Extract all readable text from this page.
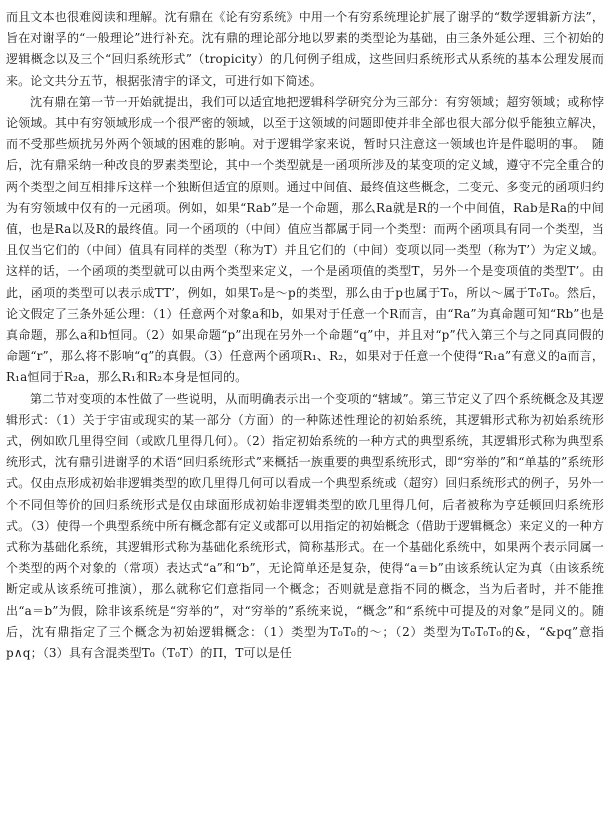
而且文本也很难阅读和理解。沈有鼎在《论有穷系统》中用一个有穷系统理论扩展了谢孚的“数学逻辑新方法”，旨在对谢孚的“一般理论”进行补充。沈有鼎的理论部分地以罗素的类型论为基础，由三条外延公理、三个初始的逻辑概念以及三个“回归系统形式”（tropicity）的几何例子组成，这些回归系统形式从系统的基本公理发展而来。论文共分五节，根据张清宇的译文，可进行如下简述。

沈有鼎在第一节一开始就提出，我们可以适宜地把逻辑科学研究分为三部分：有穷领域；超穷领域；或称悖论领域。其中有穷领域形成一个很严密的领域，以至于这领域的问题即使并非全部也很大部分似乎能独立解决，而不受那些烦扰另外两个领域的困难的影响。对于逻辑学家来说，暂时只注意这一领域也许是件聪明的事。　随后，沈有鼎采纳一种改良的罗素类型论，其中一个类型就是一函项所涉及的某变项的定义域，遵守不完全重合的两个类型之间互相排斥这样一个独断但适宜的原则。通过中间值、最终值这些概念，二变元、多变元的函项归约为有穷领域中仅有的一元函项。例如，如果“Rab”是一个命题，那么Ra就是R的一个中间值，Rab是Ra的中间值，也是Ra以及R的最终值。同一个函项的（中间）值应当都属于同一个类型：而两个函项具有同一个类型，当且仅当它们的（中间）值具有同样的类型（称为T）并且它们的（中间）变项以同一类型（称为T’）为定义域。这样的话，一个函项的类型就可以由两个类型来定义，一个是函项值的类型T，另外一个是变项值的类型T’。由此，函项的类型可以表示成TT’，例如，如果T₀是～p的类型，那么由于p也属于T₀，所以～属于T₀T₀。然后，论文假定了三条外延公理：（1）任意两个对象a和b，如果对于任意一个R而言，由“Ra”为真命题可知“Rb”也是真命题，那么a和b恒同。（2）如果命题“p”出现在另外一个命题“q”中，并且对“p”代入第三个与之同真同假的命题“r”，那么将不影响“q”的真假。（3）任意两个函项R₁、R₂，如果对于任意一个使得“R₁a”有意义的a而言，R₁a恒同于R₂a，那么R₁和R₂本身是恒同的。

第二节对变项的本性做了一些说明，从而明确表示出一个变项的“辖域”。第三节定义了四个系统概念及其逻辑形式：（1）关于宇宙或现实的某一部分（方面）的一种陈述性理论的初始系统，其逻辑形式称为初始系统形式，例如欧几里得空间（或欧几里得几何）。（2）指定初始系统的一种方式的典型系统，其逻辑形式称为典型系统形式，沈有鼎引进谢孚的术语“回归系统形式”来概括一族重要的典型系统形式，即“穷举的”和“单基的”系统形式。仅由点形成初始非逻辑类型的欧几里得几何可以看成一个典型系统或（超穷）回归系统形式的例子，另外一个不同但等价的回归系统形式是仅由球面形成初始非逻辑类型的欧几里得几何，后者被称为亨廷顿回归系统形式。（3）使得一个典型系统中所有概念都有定义或都可以用指定的初始概念（借助于逻辑概念）来定义的一种方式称为基础化系统，其逻辑形式称为基础化系统形式，简称基形式。在一个基础化系统中，如果两个表示同属一个类型的两个对象的（常项）表达式“a”和“b”，无论简单还是复杂，使得“a＝b”由该系统认定为真（由该系统断定或从该系统可推演），那么就称它们意指同一个概念；否则就是意指不同的概念，当为后者时，并不能推出“a＝b”为假，除非该系统是“穷举的”，对“穷举的”系统来说，“概念”和“系统中可提及的对象”是同义的。随后，沈有鼎指定了三个概念为初始逻辑概念：（1）类型为T₀T₀的～；（2）类型为T₀T₀T₀的&，“&pq”意指p∧q；（3）具有含混类型T₀（T₀T）的Π，T可以是任
